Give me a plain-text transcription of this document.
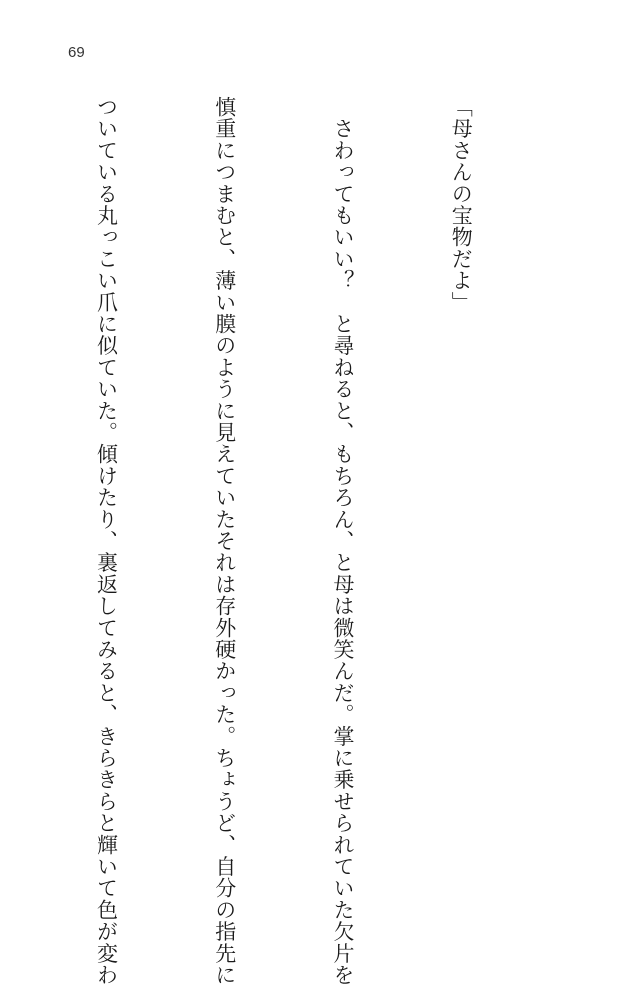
69

「母さんの宝物だよ」

　さわってもいい？　と尋ねると、もちろん、と母は微笑んだ。掌に乗せられていた欠片を

慎重につまむと、薄い膜のように見えていたそれは存外硬かった。ちょうど、自分の指先に

ついている丸っこい爪に似ていた。傾けたり、裏返してみると、きらきらと輝いて色が変わ
